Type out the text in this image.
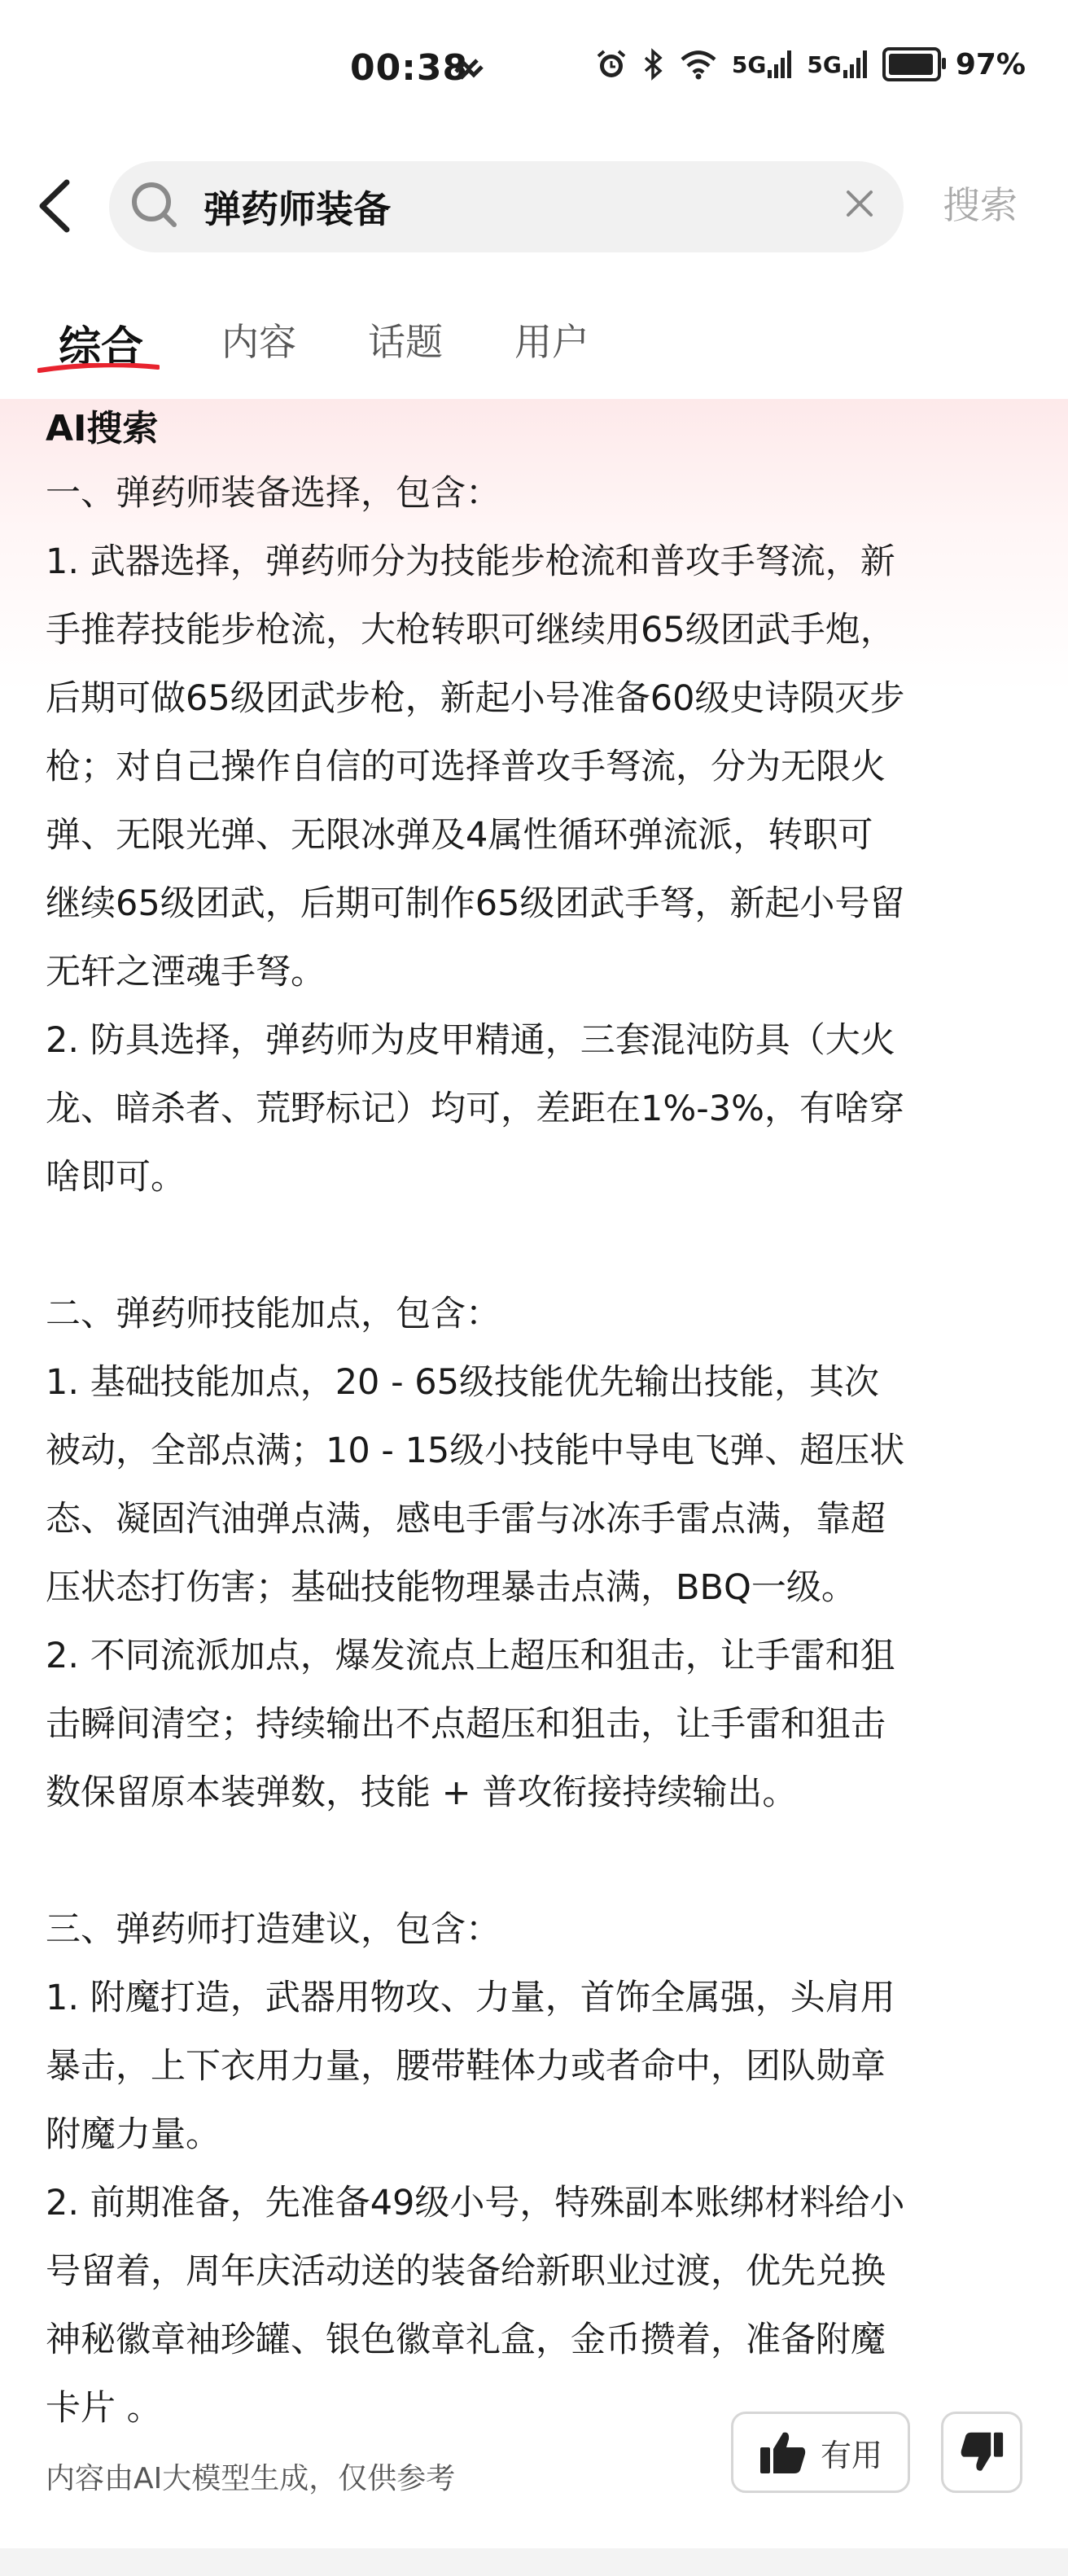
00:38	5G 5G	97%
弹药师装备
搜索
综合 内容 话题 用户
AI搜索
一、弹药师装备选择，包含：
1. 武器选择，弹药师分为技能步枪流和普攻手弩流，新
手推荐技能步枪流，大枪转职可继续用65级团武手炮，
后期可做65级团武步枪，新起小号准备60级史诗陨灭步
枪；对自己操作自信的可选择普攻手弩流，分为无限火
弹、无限光弹、无限冰弹及4属性循环弹流派，转职可
继续65级团武，后期可制作65级团武手弩，新起小号留
无轩之湮魂手弩。
2. 防具选择，弹药师为皮甲精通，三套混沌防具（大火
龙、暗杀者、荒野标记）均可，差距在1%-3%，有啥穿
啥即可。
二、弹药师技能加点，包含：
1. 基础技能加点，20 - 65级技能优先输出技能，其次
被动，全部点满；10 - 15级小技能中导电飞弹、超压状
态、凝固汽油弹点满，感电手雷与冰冻手雷点满，靠超
压状态打伤害；基础技能物理暴击点满，BBQ一级。
2. 不同流派加点，爆发流点上超压和狙击，让手雷和狙
击瞬间清空；持续输出不点超压和狙击，让手雷和狙击
数保留原本装弹数，技能 + 普攻衔接持续输出。
三、弹药师打造建议，包含：
1. 附魔打造，武器用物攻、力量，首饰全属强，头肩用
暴击，上下衣用力量，腰带鞋体力或者命中，团队勋章
附魔力量。
2. 前期准备，先准备49级小号，特殊副本账绑材料给小
号留着，周年庆活动送的装备给新职业过渡，优先兑换
神秘徽章袖珍罐、银色徽章礼盒，金币攒着，准备附魔
卡片 。
内容由AI大模型生成，仅供参考
有用
